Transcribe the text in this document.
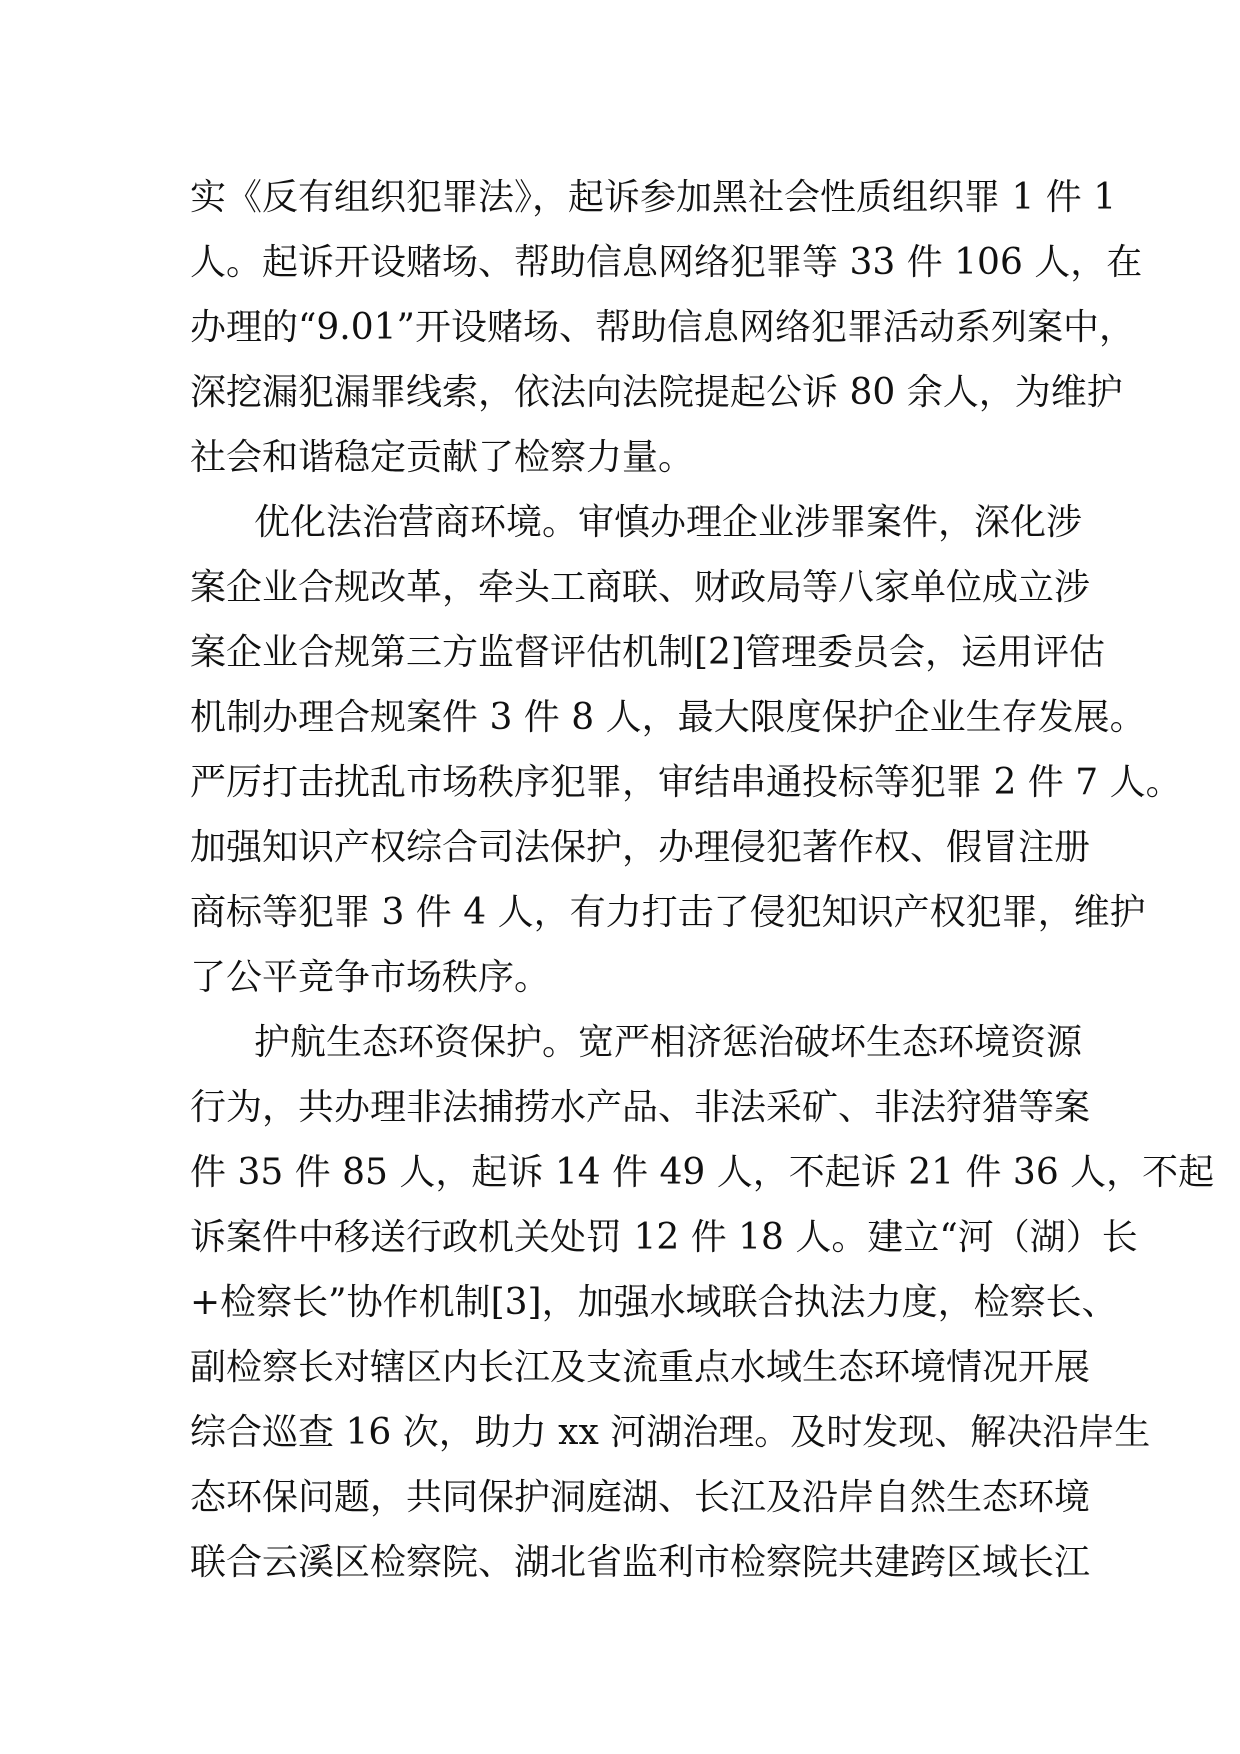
实《反有组织犯罪法》，起诉参加黑社会性质组织罪 1 件 1
人。起诉开设赌场、帮助信息网络犯罪等 33 件 106 人，在
办理的“9.01”开设赌场、帮助信息网络犯罪活动系列案中，
深挖漏犯漏罪线索，依法向法院提起公诉 80 余人，为维护
社会和谐稳定贡献了检察力量。
优化法治营商环境。审慎办理企业涉罪案件，深化涉
案企业合规改革，牵头工商联、财政局等八家单位成立涉
案企业合规第三方监督评估机制[2]管理委员会，运用评估
机制办理合规案件 3 件 8 人，最大限度保护企业生存发展。
严厉打击扰乱市场秩序犯罪，审结串通投标等犯罪 2 件 7 人。
加强知识产权综合司法保护，办理侵犯著作权、假冒注册
商标等犯罪 3 件 4 人，有力打击了侵犯知识产权犯罪，维护
了公平竞争市场秩序。
护航生态环资保护。宽严相济惩治破坏生态环境资源
行为，共办理非法捕捞水产品、非法采矿、非法狩猎等案
件 35 件 85 人，起诉 14 件 49 人，不起诉 21 件 36 人，不起
诉案件中移送行政机关处罚 12 件 18 人。建立“河（湖）长
+检察长”协作机制[3]，加强水域联合执法力度，检察长、
副检察长对辖区内长江及支流重点水域生态环境情况开展
综合巡查 16 次，助力 xx 河湖治理。及时发现、解决沿岸生
态环保问题，共同保护洞庭湖、长江及沿岸自然生态环境
联合云溪区检察院、湖北省监利市检察院共建跨区域长江
